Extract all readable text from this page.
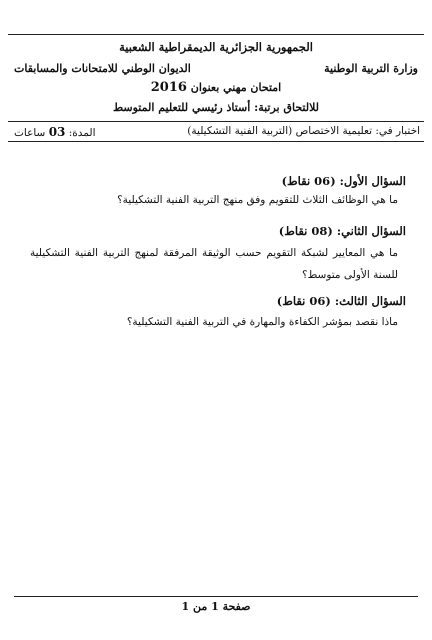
الجمهورية الجزائرية الديمقراطية الشعبية
وزارة التربية الوطنية
الديوان الوطني للامتحانات والمسابقات
امتحان مهني بعنوان 2016
للالتحاق برتبة: أستاذ رئيسي للتعليم المتوسط
اختبار في: تعليمية الاختصاص (التربية الفنية التشكيلية)
المدة: 03 ساعات
السؤال الأول: (06 نقاط)
ما هي الوظائف الثلاث للتقويم وفق منهج التربية الفنية التشكيلية؟
السؤال الثاني: (08 نقاط)
ما هي المعايير لشبكة التقويم حسب الوثيقة المرفقة لمنهج التربية الفنية التشكيلية للسنة الأولى متوسط؟
السؤال الثالث: (06 نقاط)
ماذا نقصد بمؤشر الكفاءة والمهارة في التربية الفنية التشكيلية؟
صفحة 1 من 1
